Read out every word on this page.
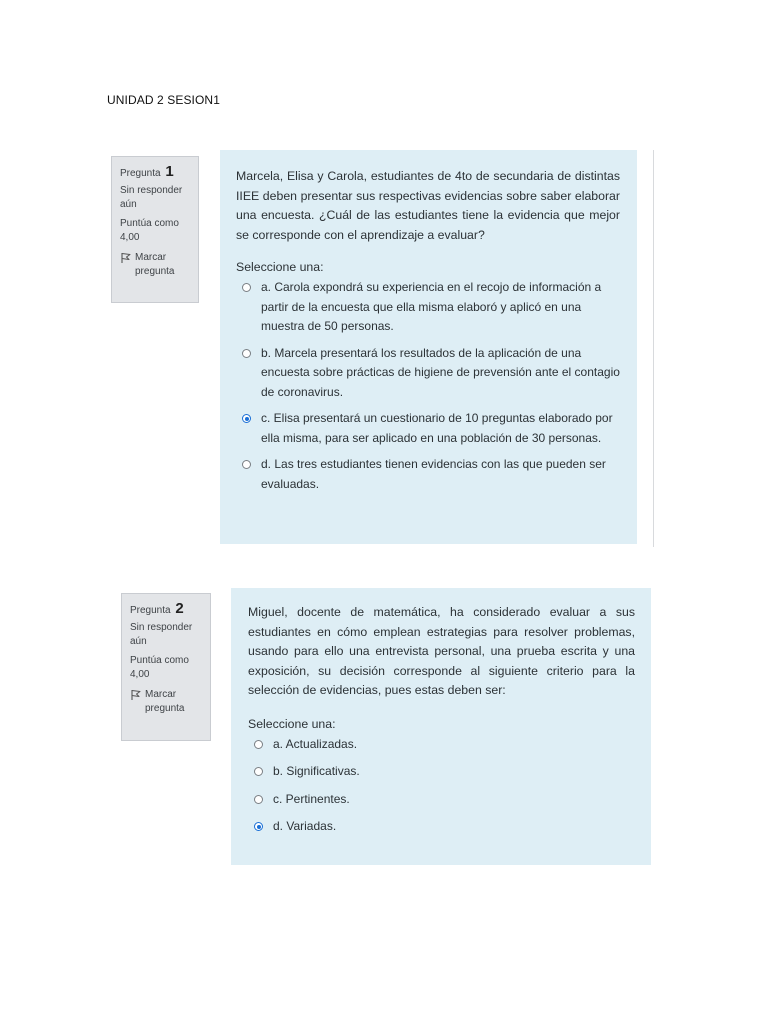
UNIDAD 2 SESION1
Pregunta 1
Sin responder aún
Puntúa como 4,00
Marcar pregunta
Marcela, Elisa y Carola, estudiantes de 4to de secundaria de distintas IIEE deben presentar sus respectivas evidencias sobre saber elaborar una encuesta. ¿Cuál de las estudiantes tiene la evidencia que mejor se corresponde con el aprendizaje a evaluar?
Seleccione una:
a. Carola expondrá su experiencia en el recojo de información a partir de la encuesta que ella misma elaboró y aplicó en una muestra de 50 personas.
b. Marcela presentará los resultados de la aplicación de una encuesta sobre prácticas de higiene de prevensión ante el contagio de coronavirus.
c. Elisa presentará un cuestionario de 10 preguntas elaborado por ella misma, para ser aplicado en una población de 30 personas.
d. Las tres estudiantes tienen evidencias con las que pueden ser evaluadas.
Pregunta 2
Sin responder aún
Puntúa como 4,00
Marcar pregunta
Miguel, docente de matemática, ha considerado evaluar a sus estudiantes en cómo emplean estrategias para resolver problemas, usando para ello una entrevista personal, una prueba escrita y una exposición, su decisión corresponde al siguiente criterio para la selección de evidencias, pues estas deben ser:
Seleccione una:
a. Actualizadas.
b. Significativas.
c. Pertinentes.
d. Variadas.
